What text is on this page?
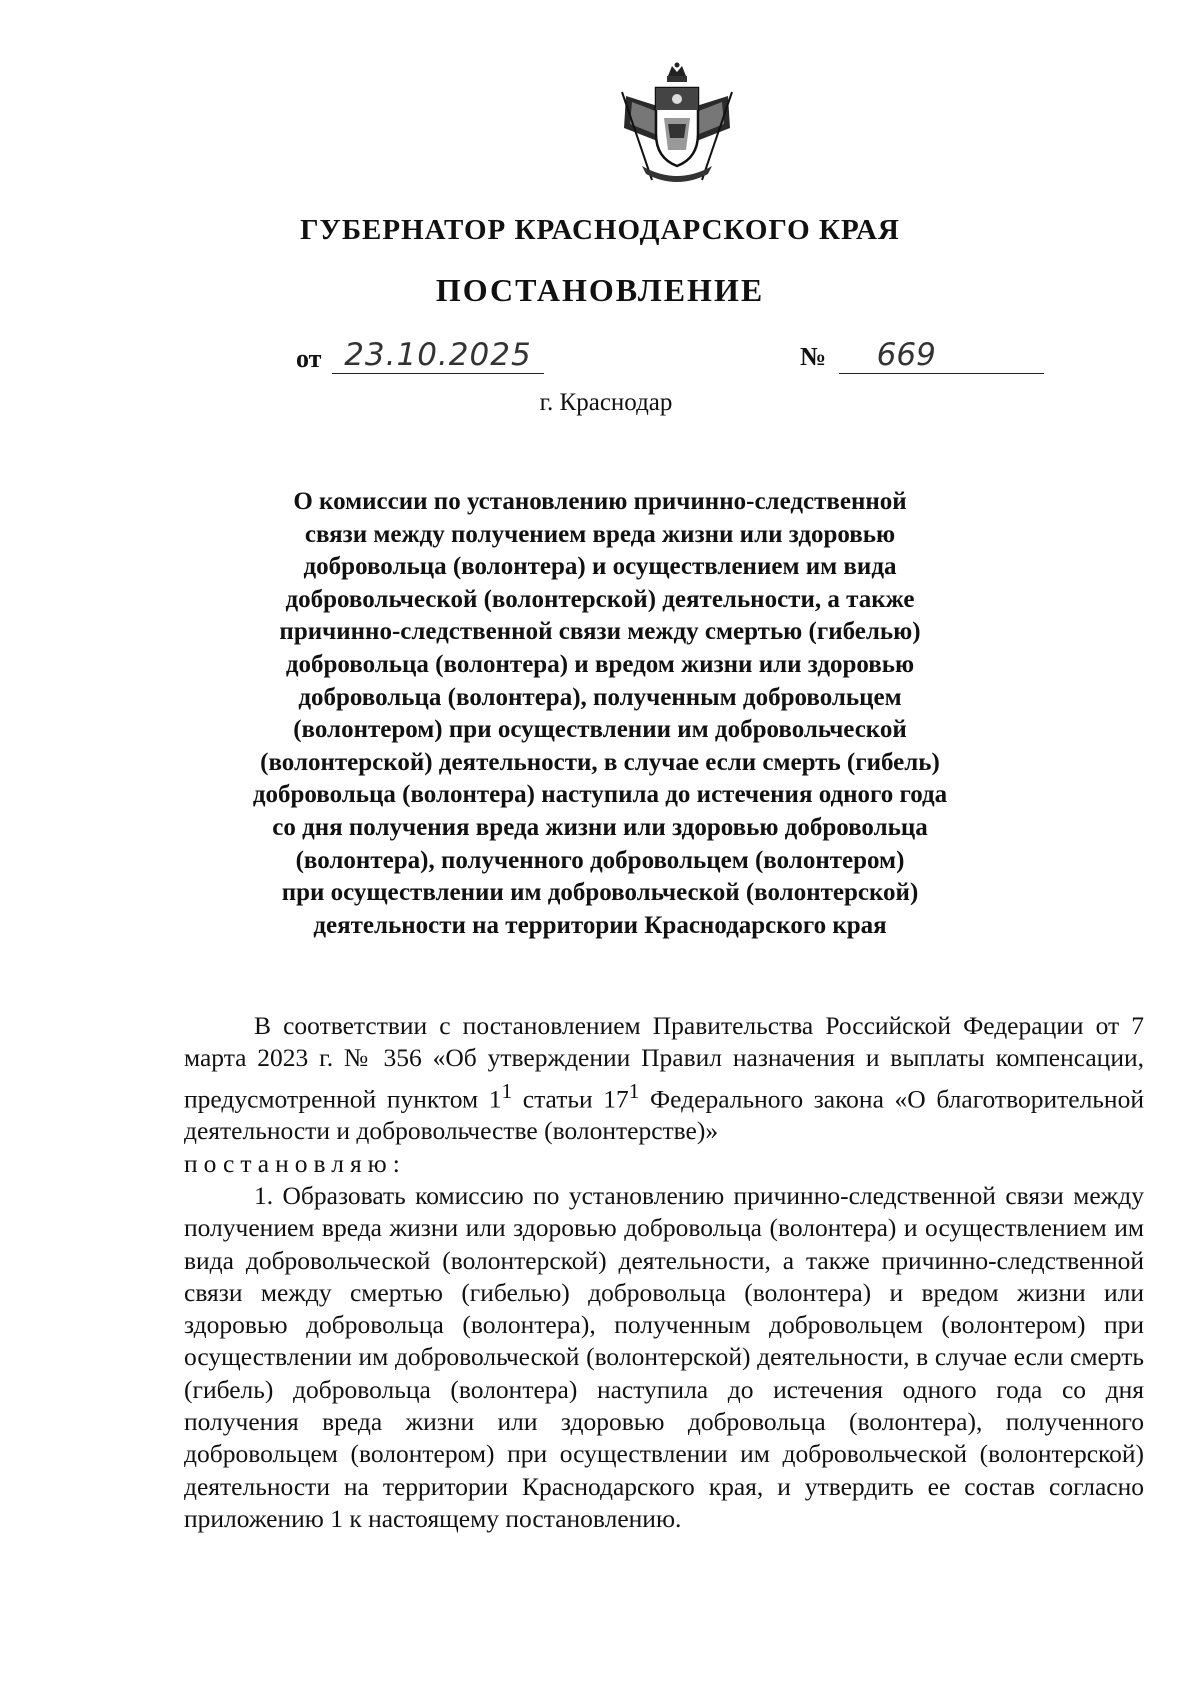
ГУБЕРНАТОР КРАСНОДАРСКОГО КРАЯ
ПОСТАНОВЛЕНИЕ
от 23.10.2025	№ 669
г. Краснодар
О комиссии по установлению причинно-следственной
связи между получением вреда жизни или здоровью
добровольца (волонтера) и осуществлением им вида
добровольческой (волонтерской) деятельности, а также
причинно-следственной связи между смертью (гибелью)
добровольца (волонтера) и вредом жизни или здоровью
добровольца (волонтера), полученным добровольцем
(волонтером) при осуществлении им добровольческой
(волонтерской) деятельности, в случае если смерть (гибель)
добровольца (волонтера) наступила до истечения одного года
со дня получения вреда жизни или здоровью добровольца
(волонтера), полученного добровольцем (волонтером)
при осуществлении им добровольческой (волонтерской)
деятельности на территории Краснодарского края

В соответствии с постановлением Правительства Российской Федерации от 7 марта 2023 г. № 356 «Об утверждении Правил назначения и выплаты компенсации, предусмотренной пунктом $1^1$ статьи $17^1$ Федерального закона «О благотворительной деятельности и добровольчестве (волонтерстве)»

постановляю:

1. Образовать комиссию по установлению причинно-следственной связи между получением вреда жизни или здоровью добровольца (волонтера) и осуществлением им вида добровольческой (волонтерской) деятельности, а также причинно-следственной связи между смертью (гибелью) добровольца (волонтера) и вредом жизни или здоровью добровольца (волонтера), полученным добровольцем (волонтером) при осуществлении им добровольческой (волонтерской) деятельности, в случае если смерть (гибель) добровольца (волонтера) наступила до истечения одного года со дня получения вреда жизни или здоровью добровольца (волонтера), полученного добровольцем (волонтером) при осуществлении им добровольческой (волонтерской) деятельности на территории Краснодарского края, и утвердить ее состав согласно приложению 1 к настоящему постановлению.
